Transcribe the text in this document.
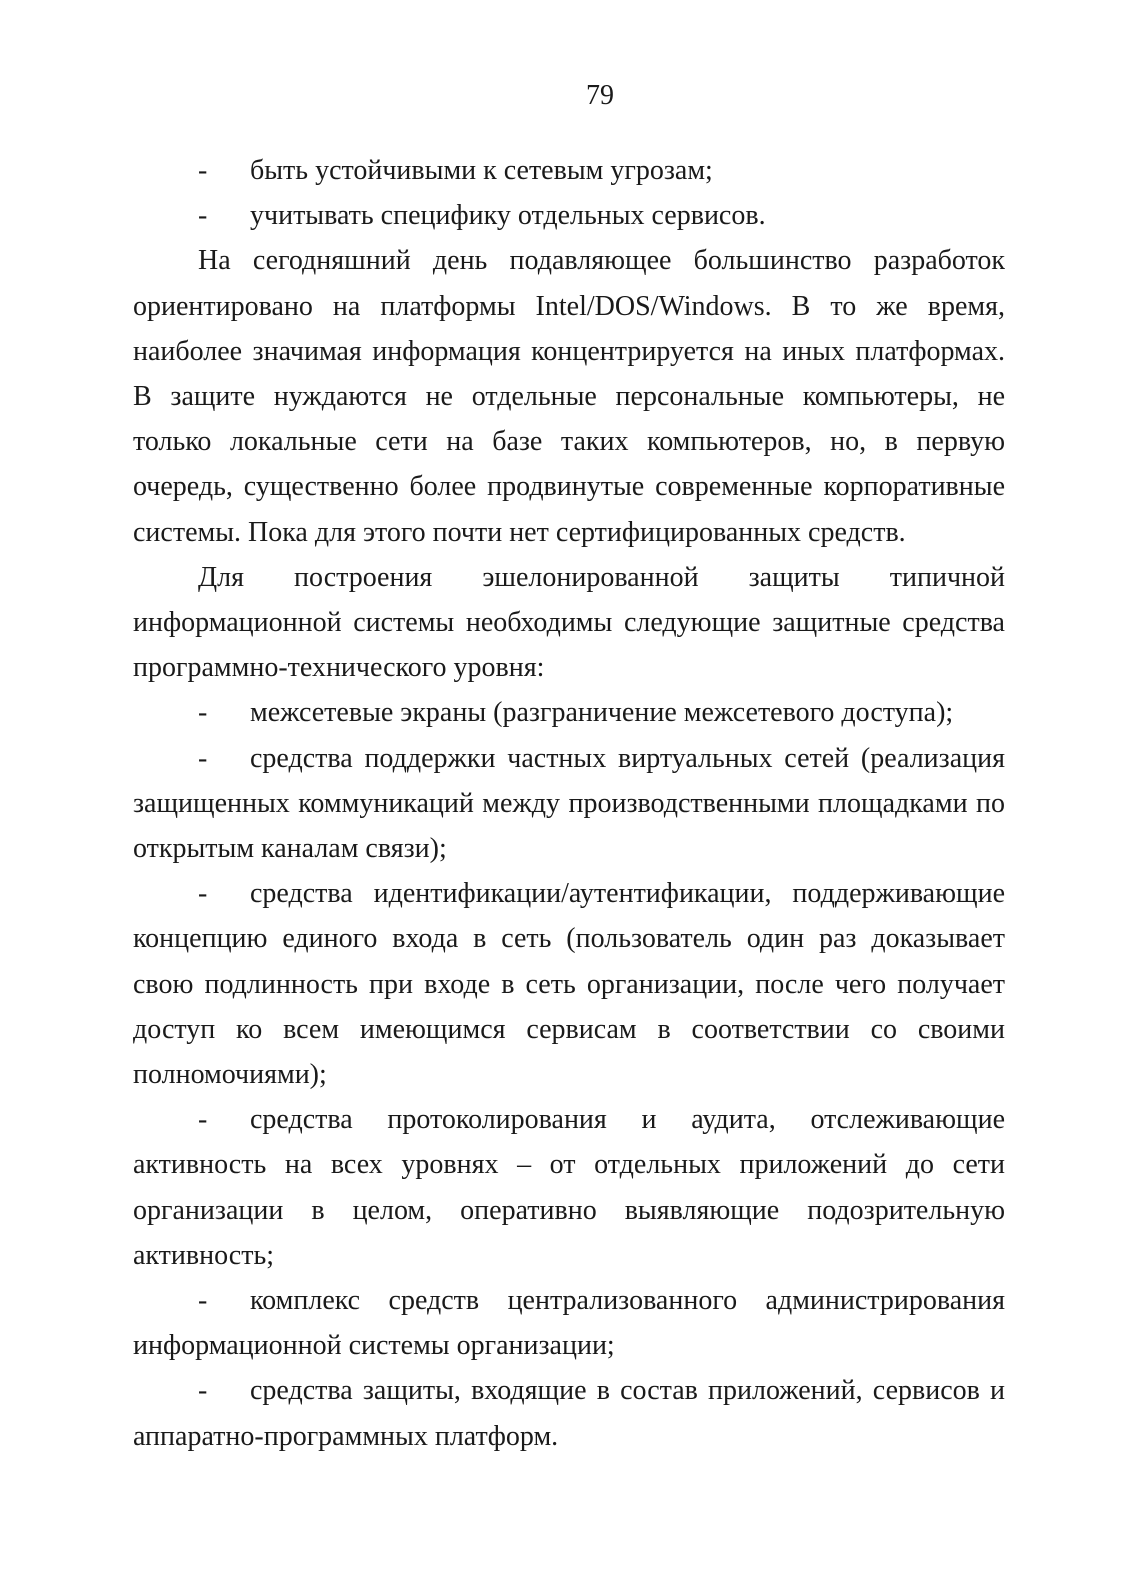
79

- быть устойчивыми к сетевым угрозам;

- учитывать специфику отдельных сервисов.

На сегодняшний день подавляющее большинство разработок ориентировано на платформы Intel/DOS/Windows. В то же время, наиболее значимая информация концентрируется на иных платформах. В защите нуждаются не отдельные персональные компьютеры, не только локальные сети на базе таких компьютеров, но, в первую очередь, существенно более продвинутые современные корпоративные системы. Пока для этого почти нет сертифицированных средств.

Для построения эшелонированной защиты типичной информационной системы необходимы следующие защитные средства программно-технического уровня:

- межсетевые экраны (разграничение межсетевого доступа);

- средства поддержки частных виртуальных сетей (реализация защищенных коммуникаций между производственными площадками по открытым каналам связи);

- средства идентификации/аутентификации, поддерживающие концепцию единого входа в сеть (пользователь один раз доказывает свою подлинность при входе в сеть организации, после чего получает доступ ко всем имеющимся сервисам в соответствии со своими полномочиями);

- средства протоколирования и аудита, отслеживающие активность на всех уровнях – от отдельных приложений до сети организации в целом, оперативно выявляющие подозрительную активность;

- комплекс средств централизованного администрирования информационной системы организации;

- средства защиты, входящие в состав приложений, сервисов и аппаратно-программных платформ.
